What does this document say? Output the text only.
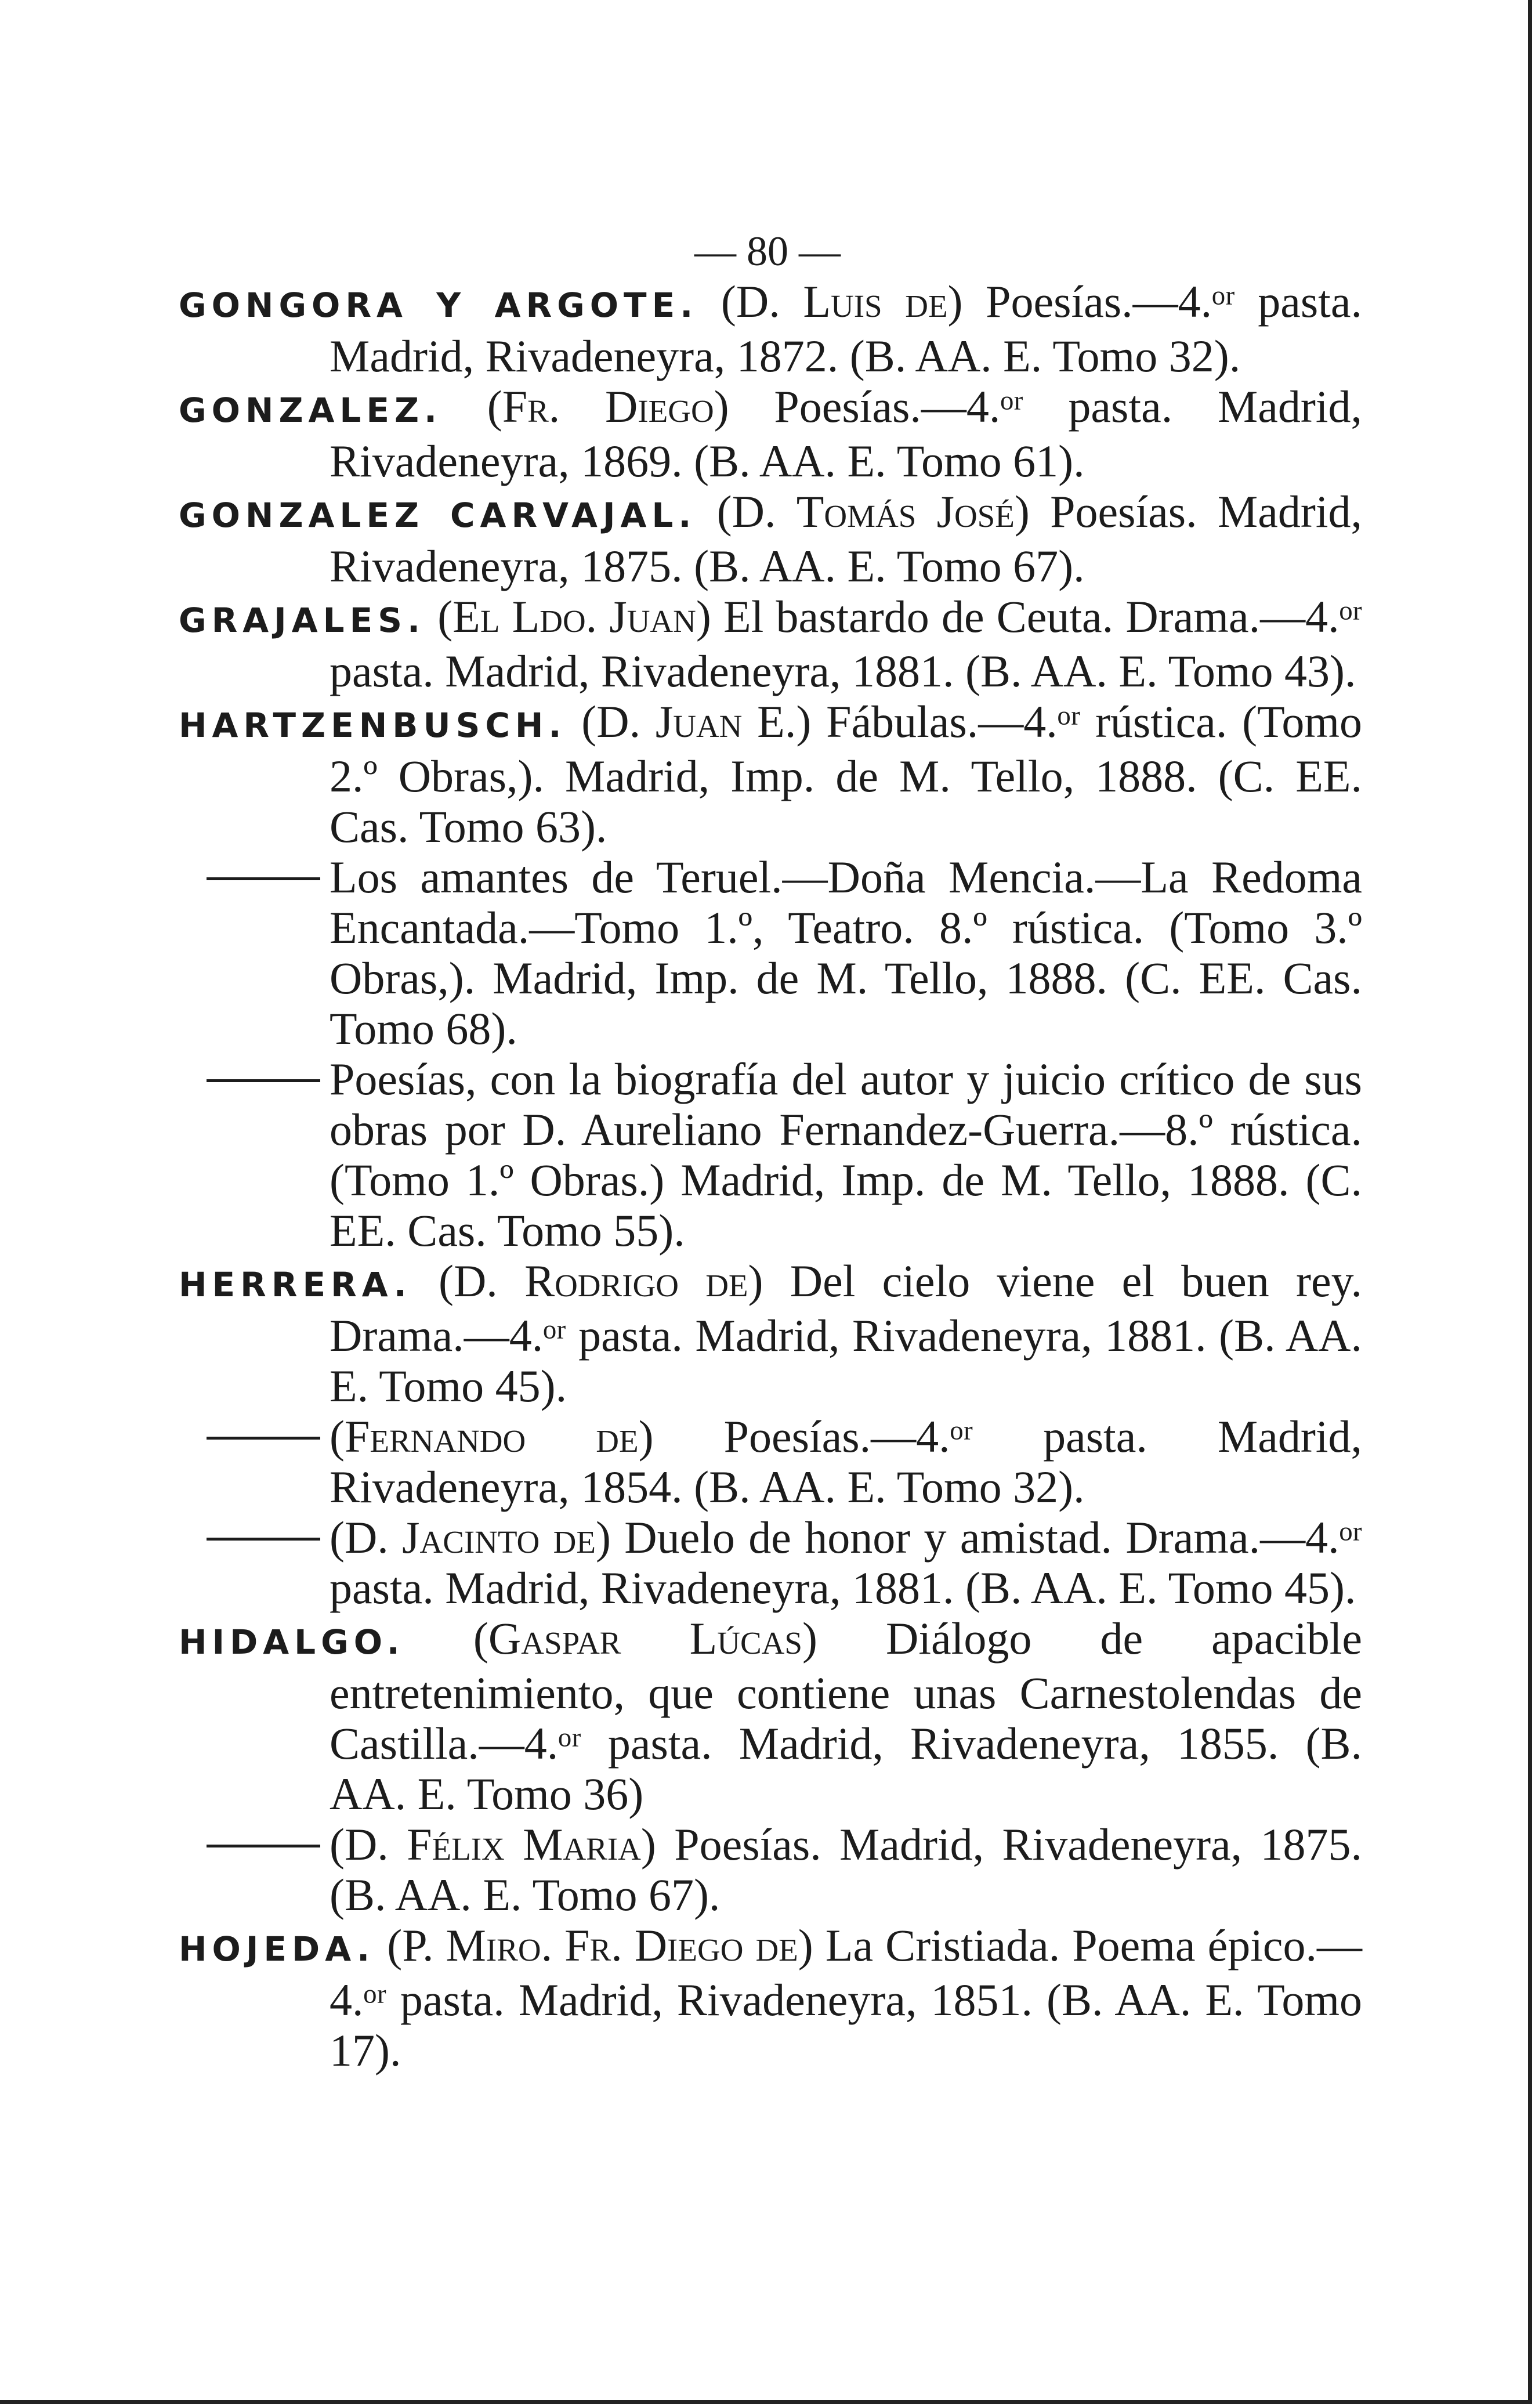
— 80 —

GONGORA Y ARGOTE. (D. Luis de) Poesías.—4.ᵒʳ pasta. Madrid, Rivadeneyra, 1872. (B. AA. E. Tomo 32).

GONZALEZ. (Fr. Diego) Poesías.—4.ᵒʳ pasta. Madrid, Rivadeneyra, 1869. (B. AA. E. Tomo 61).

GONZALEZ CARVAJAL. (D. Tomás José) Poesías. Madrid, Rivadeneyra, 1875. (B. AA. E. Tomo 67).

GRAJALES. (El Ldo. Juan) El bastardo de Ceuta. Drama.—4.ᵒʳ pasta. Madrid, Rivadeneyra, 1881. (B. AA. E. Tomo 43).

HARTZENBUSCH. (D. Juan E.) Fábulas.—4.ᵒʳ rústica. (Tomo 2.º Obras,). Madrid, Imp. de M. Tello, 1888. (C. EE. Cas. Tomo 63).

Los amantes de Teruel.—Doña Mencia.—La Redoma Encantada.—Tomo 1.º, Teatro. 8.º rústica. (Tomo 3.º Obras,). Madrid, Imp. de M. Tello, 1888. (C. EE. Cas. Tomo 68).

Poesías, con la biografía del autor y juicio crítico de sus obras por D. Aureliano Fernandez-Guerra.—8.º rústica. (Tomo 1.º Obras.) Madrid, Imp. de M. Tello, 1888. (C. EE. Cas. Tomo 55).

HERRERA. (D. Rodrigo de) Del cielo viene el buen rey. Drama.—4.ᵒʳ pasta. Madrid, Rivadeneyra, 1881. (B. AA. E. Tomo 45).

(Fernando de) Poesías.—4.ᵒʳ pasta. Madrid, Rivadeneyra, 1854. (B. AA. E. Tomo 32).

(D. Jacinto de) Duelo de honor y amistad. Drama.—4.ᵒʳ pasta. Madrid, Rivadeneyra, 1881. (B. AA. E. Tomo 45).

HIDALGO. (Gaspar Lúcas) Diálogo de apacible entretenimiento, que contiene unas Carnestolendas de Castilla.—4.ᵒʳ pasta. Madrid, Rivadeneyra, 1855. (B. AA. E. Tomo 36)

(D. Félix Maria) Poesías. Madrid, Rivadeneyra, 1875. (B. AA. E. Tomo 67).

HOJEDA. (P. Miro. Fr. Diego de) La Cristiada. Poema épico.—4.ᵒʳ pasta. Madrid, Rivadeneyra, 1851. (B. AA. E. Tomo 17).
